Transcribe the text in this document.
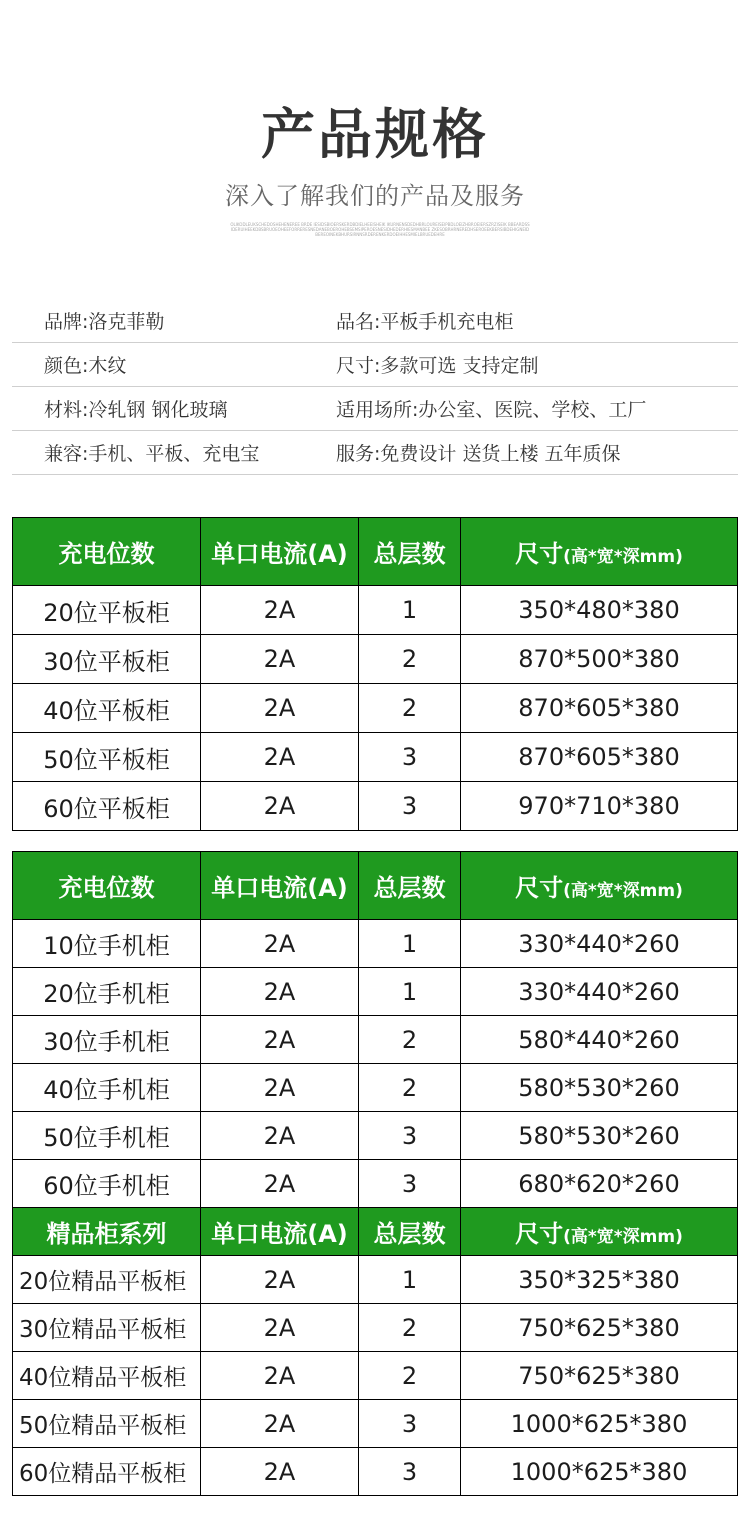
产品规格
深入了解我们的产品及服务
OLIKODLEUKSCHEDOSHEHENEREE BRDE IESIDSBIOERSKERDBDIELHEEISHEIK IKURNENSDEDHBRLOUREISEIPBDLOEIZHBROEIERSZRZISEIK BBEARDSSIDERUIHEEKDBSBRUOEOHEEFORRERESNEDANEBOEROHEBSEMSIPEROESNESIDHEDERHIESMANBEE ZKESOBRHRNEREDHSEROEEKBERSIBDEHIGNEIDBEREOINEKBHURSIRNNSRDERENKERDOEIHHESMIELBRUEDEHRE
品牌: 洛克菲勒	品名: 平板手机充电柜
颜色: 木纹	尺寸: 多款可选 支持定制
材料: 冷轧钢 钢化玻璃	适用场所: 办公室、医院、学校、工厂
兼容: 手机、平板、充电宝	服务: 免费设计 送货上楼 五年质保
充电位数	单口电流(A)	总层数	尺寸(高*宽*深mm)
20位平板柜	2A	1	350*480*380
30位平板柜	2A	2	870*500*380
40位平板柜	2A	2	870*605*380
50位平板柜	2A	3	870*605*380
60位平板柜	2A	3	970*710*380
充电位数	单口电流(A)	总层数	尺寸(高*宽*深mm)
10位手机柜	2A	1	330*440*260
20位手机柜	2A	1	330*440*260
30位手机柜	2A	2	580*440*260
40位手机柜	2A	2	580*530*260
50位手机柜	2A	3	580*530*260
60位手机柜	2A	3	680*620*260
精品柜系列	单口电流(A)	总层数	尺寸(高*宽*深mm)
20位精品平板柜	2A	1	350*325*380
30位精品平板柜	2A	2	750*625*380
40位精品平板柜	2A	2	750*625*380
50位精品平板柜	2A	3	1000*625*380
60位精品平板柜	2A	3	1000*625*380
